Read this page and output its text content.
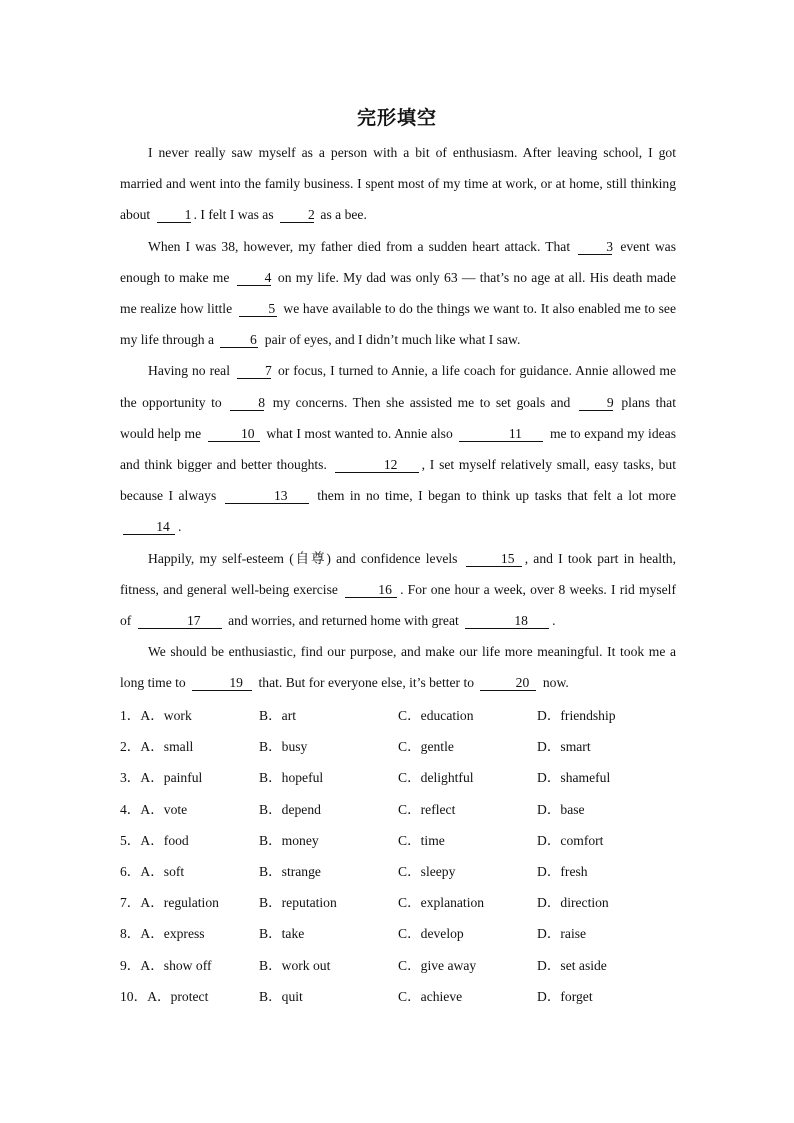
完形填空

I never really saw myself as a person with a bit of enthusiasm. After leaving school, I got married and went into the family business. I spent most of my time at work, or at home, still thinking about 1 . I felt I was as 2 as a bee.

When I was 38, however, my father died from a sudden heart attack. That 3 event was enough to make me 4 on my life. My dad was only 63 — that’s no age at all. His death made me realize how little 5 we have available to do the things we want to. It also enabled me to see my life through a 6 pair of eyes, and I didn’t much like what I saw.

Having no real 7 or focus, I turned to Annie, a life coach for guidance. Annie allowed me the opportunity to 8 my concerns. Then she assisted me to set goals and 9 plans that would help me	10 what I most wanted to. Annie also	11 me to expand my ideas and think bigger and better thoughts.	12 , I set myself relatively small, easy tasks, but because I always	13 them in no time, I began to think up tasks that felt a lot more 14 .

Happily, my self-esteem (自尊) and confidence levels	15 , and I took part in health, fitness, and general well-being exercise	16 . For one hour a week, over 8 weeks. I rid myself of	17 and worries, and returned home with great	18 .

We should be enthusiastic, find our purpose, and make our life more meaningful. It took me a long time to	19 that. But for everyone else, it’s better to	20 now.

1．A．work	B．art	C．education	D．friendship
2．A．small	B．busy	C．gentle	D．smart
3．A．painful	B．hopeful	C．delightful	D．shameful
4．A．vote	B．depend	C．reflect	D．base
5．A．food	B．money	C．time	D．comfort
6．A．soft	B．strange	C．sleepy	D．fresh
7．A．regulation	B．reputation	C．explanation	D．direction
8．A．express	B．take	C．develop	D．raise
9．A．show off	B．work out	C．give away	D．set aside
10．A．protect	B．quit	C．achieve	D．forget
